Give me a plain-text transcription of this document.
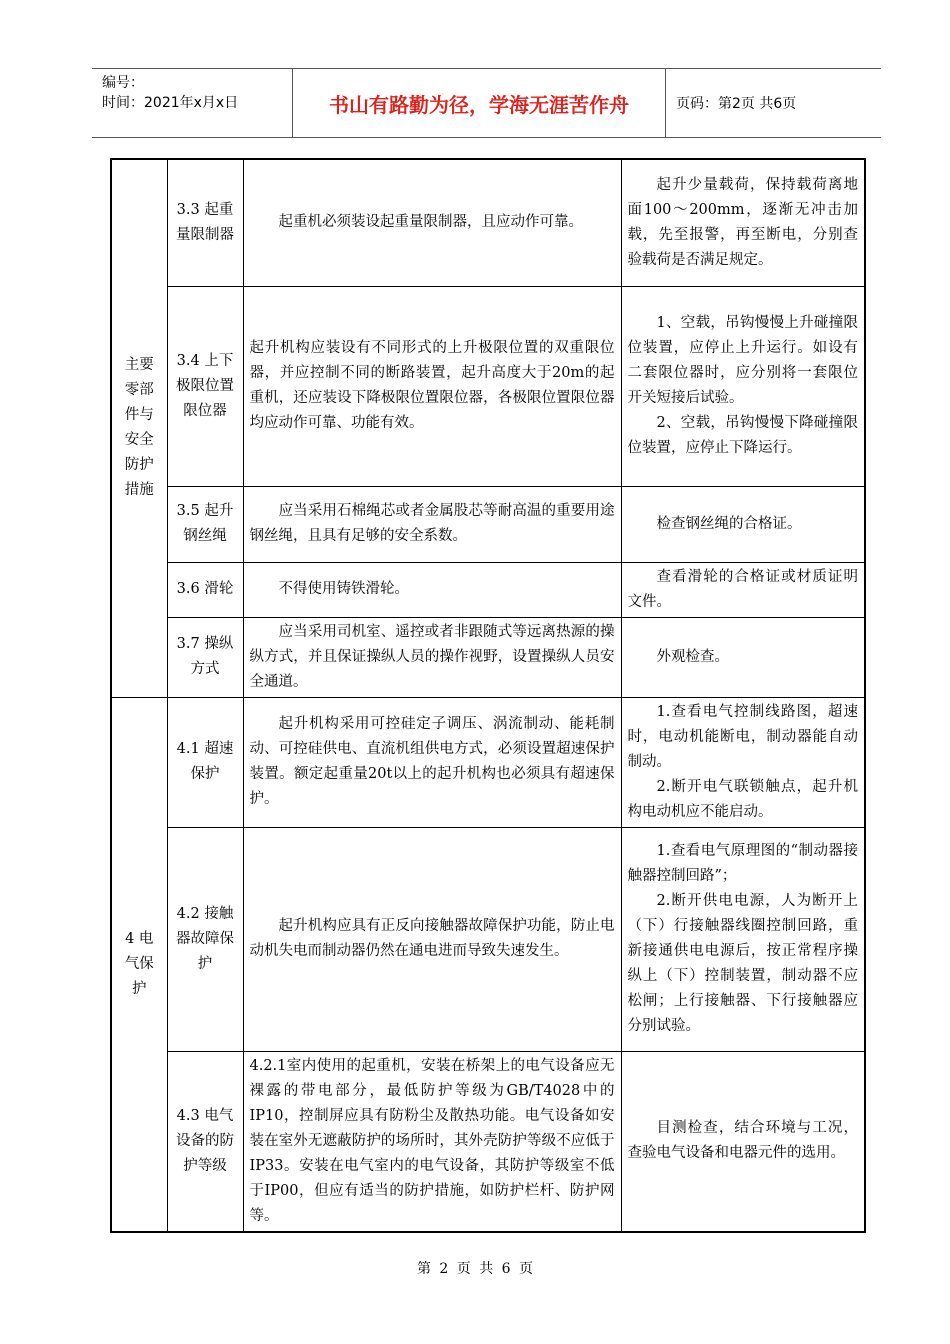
编号：
时间：2021年x月x日	书山有路勤为径，学海无涯苦作舟	页码：第2页 共6页
主要零部件与安全防护措施	3.3 起重量限制器	起重机必须装设起重量限制器，且应动作可靠。	起升少量载荷，保持载荷离地面100～200mm，逐渐无冲击加载，先至报警，再至断电，分别查验载荷是否满足规定。

	3.4 上下极限位置限位器	起升机构应装设有不同形式的上升极限位置的双重限位器，并应控制不同的断路装置，起升高度大于20m的起重机，还应装设下降极限位置限位器，各极限位置限位器均应动作可靠、功能有效。	1、空载，吊钩慢慢上升碰撞限位装置，应停止上升运行。如设有二套限位器时，应分别将一套限位开关短接后试验。

2、空载，吊钩慢慢下降碰撞限位装置，应停止下降运行。

	3.5 起升钢丝绳	应当采用石棉绳芯或者金属股芯等耐高温的重要用途钢丝绳，且具有足够的安全系数。	检查钢丝绳的合格证。

	3.6 滑轮	不得使用铸铁滑轮。	查看滑轮的合格证或材质证明文件。

	3.7 操纵方式	应当采用司机室、遥控或者非跟随式等远离热源的操纵方式，并且保证操纵人员的操作视野，设置操纵人员安全通道。	外观检查。

4 电气保护	4.1 超速保护	起升机构采用可控硅定子调压、涡流制动、能耗制动、可控硅供电、直流机组供电方式，必须设置超速保护装置。额定起重量20t以上的起升机构也必须具有超速保护。	1.查看电气控制线路图，超速时，电动机能断电，制动器能自动制动。

2.断开电气联锁触点，起升机构电动机应不能启动。

	4.2 接触器故障保护	起升机构应具有正反向接触器故障保护功能，防止电动机失电而制动器仍然在通电进而导致失速发生。	1.查看电气原理图的“制动器接触器控制回路”；

2.断开供电电源，人为断开上（下）行接触器线圈控制回路，重新接通供电电源后，按正常程序操纵上（下）控制装置，制动器不应松闸；上行接触器、下行接触器应分别试验。

	4.3 电气设备的防护等级	4.2.1室内使用的起重机，安装在桥架上的电气设备应无裸露的带电部分，最低防护等级为GB/T4028中的IP10，控制屏应具有防粉尘及散热功能。电气设备如安装在室外无遮蔽防护的场所时，其外壳防护等级不应低于IP33。安装在电气室内的电气设备，其防护等级室不低于IP00，但应有适当的防护措施，如防护栏杆、防护网等。	目测检查，结合环境与工况，查验电气设备和电器元件的选用。

第 2 页 共 6 页
